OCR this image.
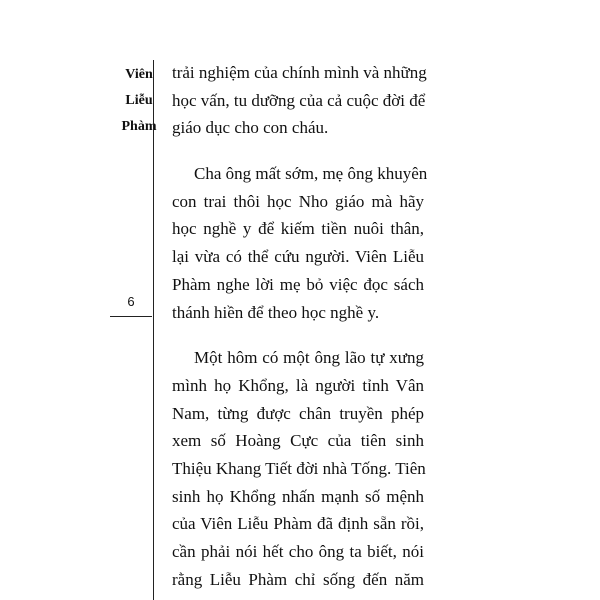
Viên
Liễu
Phàm
6
trải nghiệm của chính mình và những
học vấn, tu dưỡng của cả cuộc đời để
giáo dục cho con cháu.
Cha ông mất sớm, mẹ ông khuyên
con trai thôi học Nho giáo mà hãy
học nghề y để kiếm tiền nuôi thân,
lại vừa có thể cứu người. Viên Liễu
Phàm nghe lời mẹ bỏ việc đọc sách
thánh hiền để theo học nghề y.
Một hôm có một ông lão tự xưng
mình họ Khổng, là người tỉnh Vân
Nam, từng được chân truyền phép
xem số Hoàng Cực của tiên sinh
Thiệu Khang Tiết đời nhà Tống. Tiên
sinh họ Khổng nhấn mạnh số mệnh
của Viên Liễu Phàm đã định sẵn rồi,
cần phải nói hết cho ông ta biết, nói
rằng Liễu Phàm chỉ sống đến năm
